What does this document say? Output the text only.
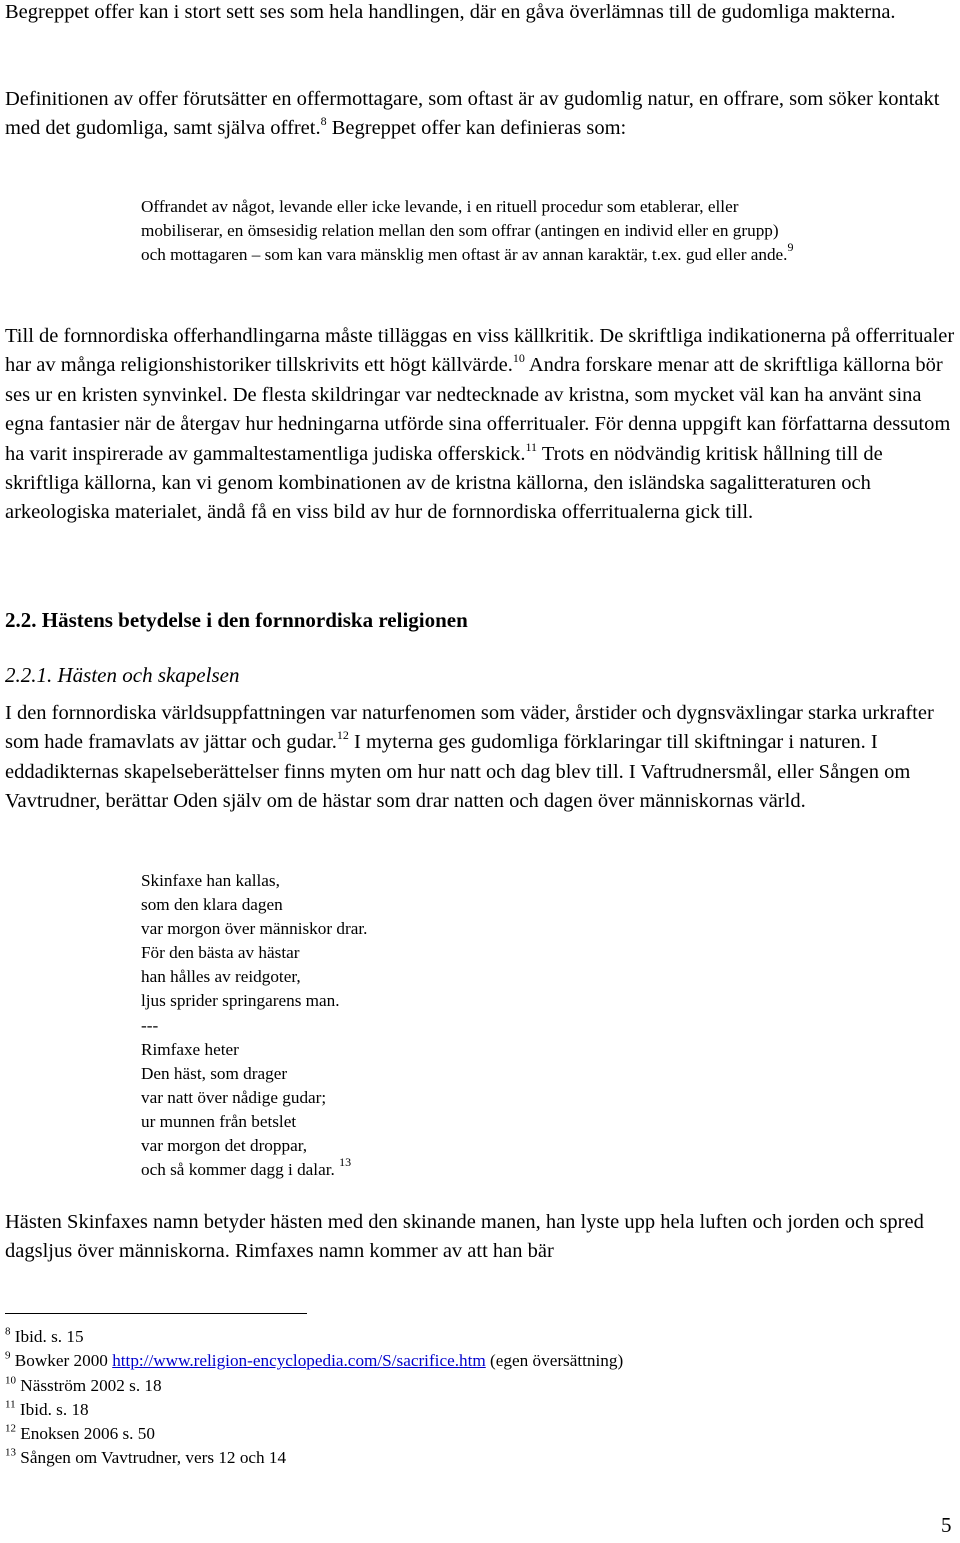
Begreppet offer kan i stort sett ses som hela handlingen, där en gåva överlämnas till de gudomliga makterna.

Definitionen av offer förutsätter en offermottagare, som oftast är av gudomlig natur, en offrare, som söker kontakt med det gudomliga, samt själva offret.$^8$ Begreppet offer kan definieras som:

Offrandet av något, levande eller icke levande, i en rituell procedur som etablerar, eller mobiliserar, en ömsesidig relation mellan den som offrar (antingen en individ eller en grupp) och mottagaren – som kan vara mänsklig men oftast är av annan karaktär, t.ex. gud eller ande.$^9$

Till de fornnordiska offerhandlingarna måste tilläggas en viss källkritik. De skriftliga indikationerna på offerritualer har av många religionshistoriker tillskrivits ett högt källvärde.$^{10}$ Andra forskare menar att de skriftliga källorna bör ses ur en kristen synvinkel. De flesta skildringar var nedtecknade av kristna, som mycket väl kan ha använt sina egna fantasier när de återgav hur hedningarna utförde sina offerritualer. För denna uppgift kan författarna dessutom ha varit inspirerade av gammaltestamentliga judiska offerskick.$^{11}$ Trots en nödvändig kritisk hållning till de skriftliga källorna, kan vi genom kombinationen av de kristna källorna, den isländska sagalitteraturen och arkeologiska materialet, ändå få en viss bild av hur de fornnordiska offerritualerna gick till.

2.2. Hästens betydelse i den fornnordiska religionen
2.2.1. Hästen och skapelsen

I den fornnordiska världsuppfattningen var naturfenomen som väder, årstider och dygnsväxlingar starka urkrafter som hade framavlats av jättar och gudar.$^{12}$ I myterna ges gudomliga förklaringar till skiftningar i naturen. I eddadikternas skapelseberättelser finns myten om hur natt och dag blev till. I Vaftrudnersmål, eller Sången om Vavtrudner, berättar Oden själv om de hästar som drar natten och dagen över människornas värld.

Skinfaxe han kallas,
som den klara dagen
var morgon över människor drar.
För den bästa av hästar
han hålles av reidgoter,
ljus sprider springarens man.
---
Rimfaxe heter
Den häst, som drager
var natt över nådige gudar;
ur munnen från betslet
var morgon det droppar,
och så kommer dagg i dalar. $^{13}$

Hästen Skinfaxes namn betyder hästen med den skinande manen, han lyste upp hela luften och jorden och spred dagsljus över människorna. Rimfaxes namn kommer av att han bär

$^8$ Ibid. s. 15
$^9$ Bowker 2000 http://www.religion-encyclopedia.com/S/sacrifice.htm (egen översättning)
$^{10}$ Näsström 2002 s. 18
$^{11}$ Ibid. s. 18
$^{12}$ Enoksen 2006 s. 50
$^{13}$ Sången om Vavtrudner, vers 12 och 14

5
